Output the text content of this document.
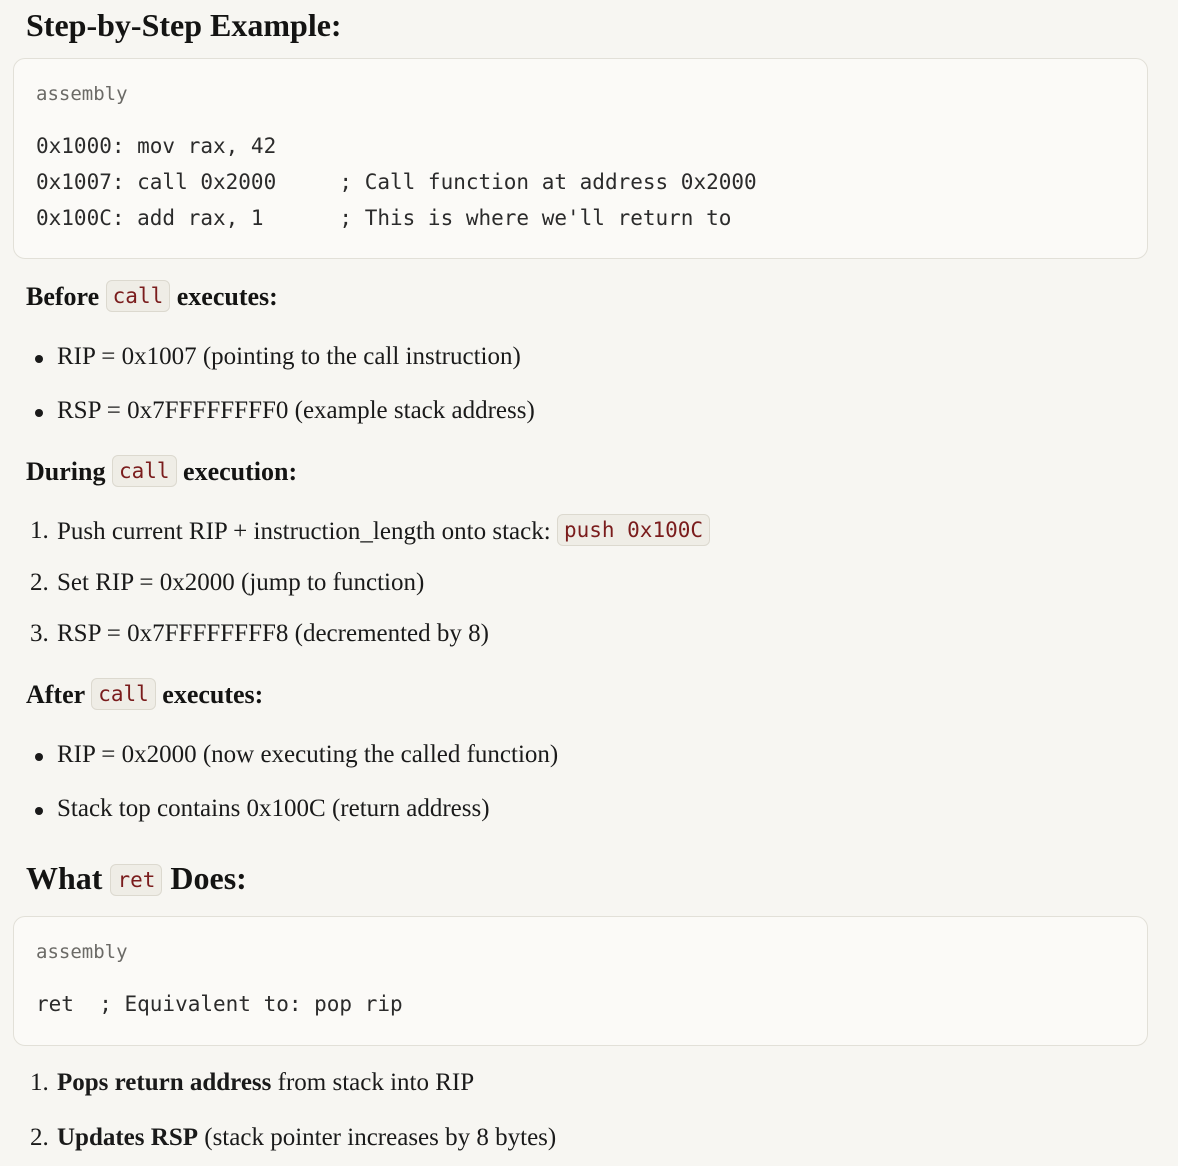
Step-by-Step Example:
assembly
0x1000: mov rax, 42
0x1007: call 0x2000     ; Call function at address 0x2000
0x100C: add rax, 1      ; This is where we'll return to
Before call executes:
RIP = 0x1007 (pointing to the call instruction)
RSP = 0x7FFFFFFFF0 (example stack address)
During call execution:
1. Push current RIP + instruction_length onto stack: push 0x100C
2. Set RIP = 0x2000 (jump to function)
3. RSP = 0x7FFFFFFFF8 (decremented by 8)
After call executes:
RIP = 0x2000 (now executing the called function)
Stack top contains 0x100C (return address)
What ret Does:
assembly
ret  ; Equivalent to: pop rip
1. Pops return address from stack into RIP
2. Updates RSP (stack pointer increases by 8 bytes)
